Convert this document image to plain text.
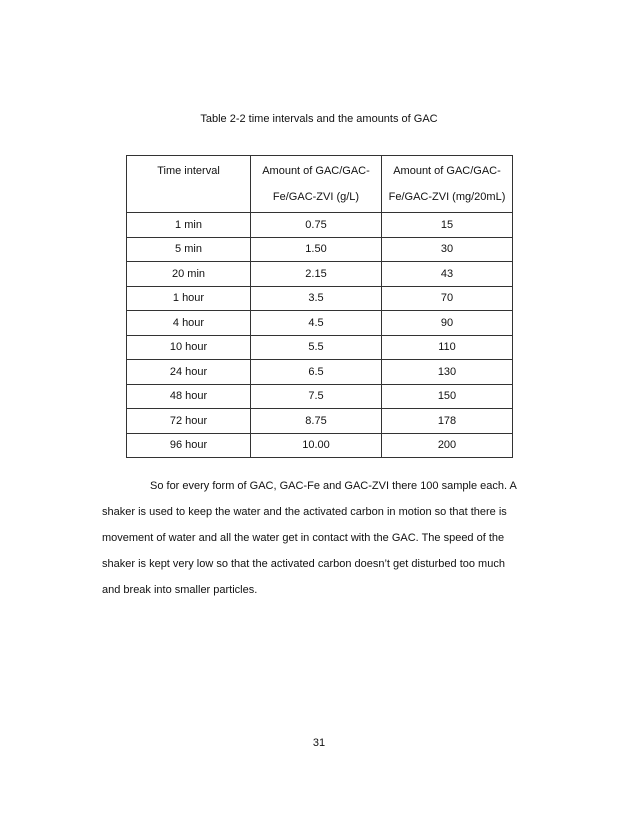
Table 2-2 time intervals and the amounts of GAC
Time interval	Amount of GAC/GAC-Fe/GAC-ZVI (g/L)	Amount of GAC/GAC-Fe/GAC-ZVI (mg/20mL)
1 min	0.75	15
5 min	1.50	30
20 min	2.15	43
1 hour	3.5	70
4 hour	4.5	90
10 hour	5.5	110
24 hour	6.5	130
48 hour	7.5	150
72 hour	8.75	178
96 hour	10.00	200

So for every form of GAC, GAC-Fe and GAC-ZVI there 100 sample each. A shaker is used to keep the water and the activated carbon in motion so that there is movement of water and all the water get in contact with the GAC. The speed of the shaker is kept very low so that the activated carbon doesn’t get disturbed too much and break into smaller particles.

31
